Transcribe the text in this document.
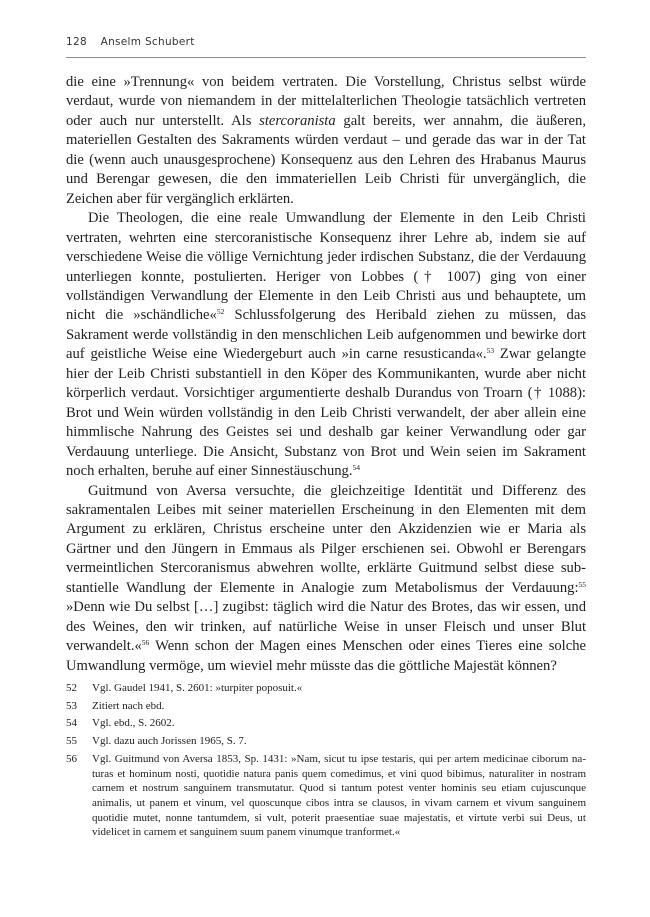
128 Anselm Schubert

die eine »Trennung« von beidem vertraten. Die Vorstellung, Christus selbst würde verdaut, wurde von niemandem in der mittelalterlichen Theologie tatsächlich vertreten oder auch nur unterstellt. Als stercoranista galt bereits, wer annahm, die äußeren, materiellen Gestalten des Sakraments würden verdaut – und gerade das war in der Tat die (wenn auch unausgesprochene) Konsequenz aus den Lehren des Hrabanus Maurus und Berengar gewesen, die den immateriellen Leib Christi für unvergänglich, die Zeichen aber für vergänglich erklärten.

Die Theologen, die eine reale Umwandlung der Elemente in den Leib Christi vertraten, wehrten eine stercoranistische Konsequenz ihrer Lehre ab, indem sie auf verschiedene Weise die völlige Vernichtung jeder irdischen Substanz, die der Verdauung unterliegen konnte, postulierten. Heriger von Lobbes († 1007) ging von einer vollständigen Verwandlung der Elemente in den Leib Christi aus und behauptete, um nicht die »schändliche«$^{52}$ Schlussfolgerung des Heribald ziehen zu müssen, das Sakrament werde vollständig in den menschlichen Leib aufgenommen und bewirke dort auf geistliche Weise eine Wiedergeburt auch »in carne resusticanda«.$^{53}$ Zwar gelangte hier der Leib Christi substantiell in den Köper des Kommunikanten, wurde aber nicht körperlich verdaut. Vorsichtiger argumentierte deshalb Durandus von Troarn († 1088): Brot und Wein würden vollständig in den Leib Christi verwandelt, der aber allein eine himmlische Nahrung des Geistes sei und deshalb gar keiner Verwandlung oder gar Verdauung unterliege. Die Ansicht, Substanz von Brot und Wein seien im Sakrament noch erhalten, beruhe auf einer Sinnestäuschung.$^{54}$

Guitmund von Aversa versuchte, die gleichzeitige Identität und Differenz des sakramentalen Leibes mit seiner materiellen Erscheinung in den Elementen mit dem Argument zu erklären, Christus erscheine unter den Akzidenzien wie er Maria als Gärtner und den Jüngern in Emmaus als Pilger erschienen sei. Obwohl er Berengars vermeintlichen Stercoranismus abwehren wollte, erklärte Guitmund selbst diese substantielle Wandlung der Elemente in Analogie zum Metabolismus der Verdauung:$^{55}$ »Denn wie Du selbst […] zugibst: täglich wird die Natur des Brotes, das wir essen, und des Weines, den wir trinken, auf natürliche Weise in unser Fleisch und unser Blut verwandelt.«$^{56}$ Wenn schon der Magen eines Menschen oder eines Tieres eine solche Umwandlung vermöge, um wieviel mehr müsste das die göttliche Majestät können?

52	Vgl. Gaudel 1941, S. 2601: »turpiter poposuit.«
53	Zitiert nach ebd.
54	Vgl. ebd., S. 2602.
55	Vgl. dazu auch Jorissen 1965, S. 7.
56	Vgl. Guitmund von Aversa 1853, Sp. 1431: »Nam, sicut tu ipse testaris, qui per artem medicinae ciborum naturas et hominum nosti, quotidie natura panis quem comedimus, et vini quod bibimus, naturaliter in nostram carnem et nostrum sanguinem transmutatur. Quod si tantum potest venter hominis seu etiam cujuscunque animalis, ut panem et vinum, vel quoscunque cibos intra se clausos, in vivam carnem et vivum sanguinem quotidie mutet, nonne tantumdem, si vult, poterit praesentiae suae majestatis, et virtute verbi sui Deus, ut videlicet in carnem et sanguinem suum panem vinumque tranformet.«
